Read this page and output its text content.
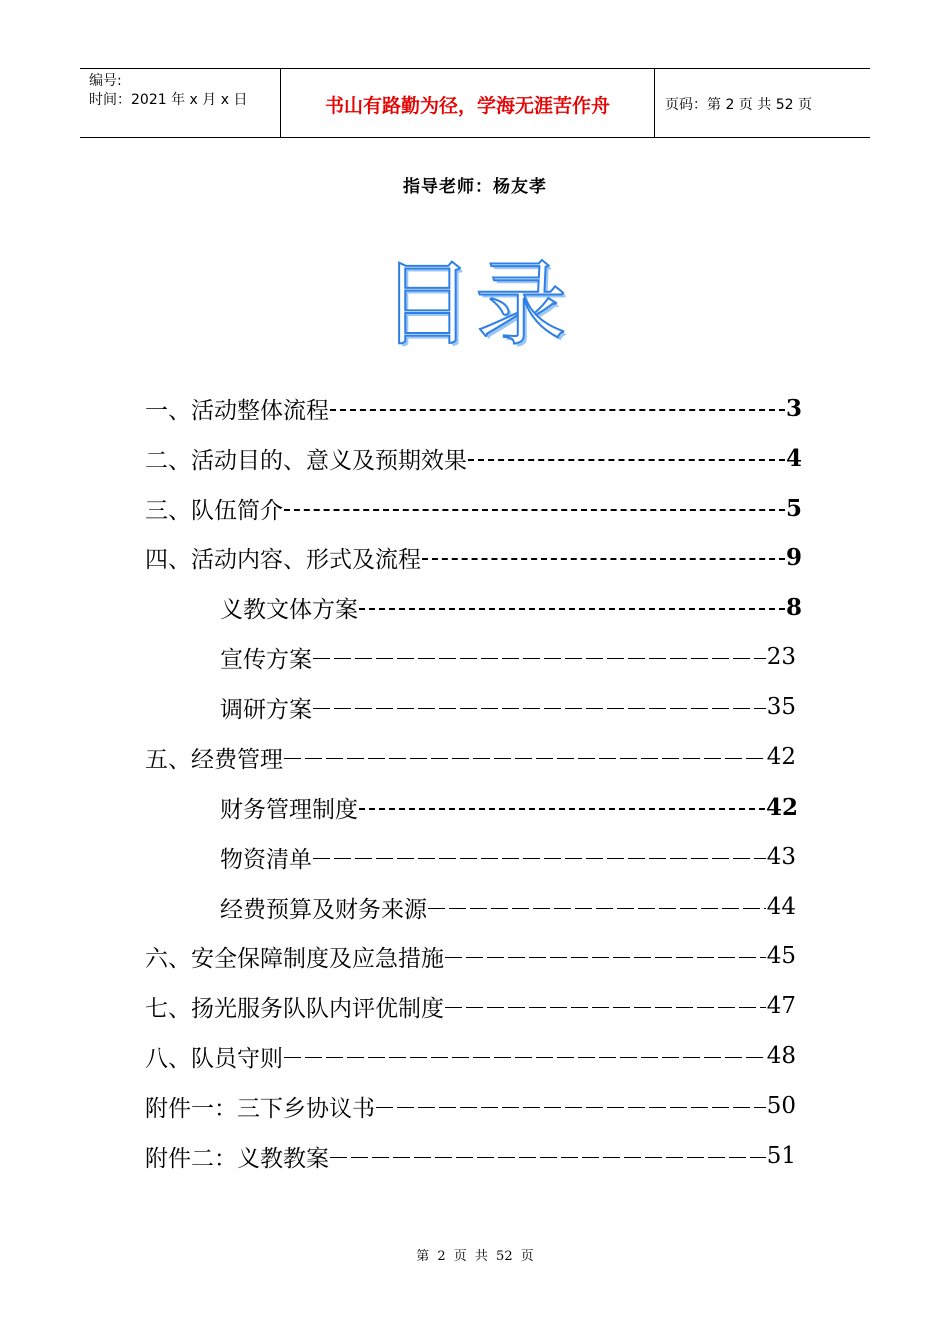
编号:
时间：2021 年 x 月 x 日	书山有路勤为径，学海无涯苦作舟	页码：第 2 页 共 52 页
指导老师：杨友孝
目录
一、活动整体流程	3
二、活动目的、意义及预期效果	4
三、队伍简介	5
四、活动内容、形式及流程	9
义教文体方案	8
宣传方案	23
调研方案	35
五、经费管理	42
财务管理制度	42
物资清单	43
经费预算及财务来源	44
六、安全保障制度及应急措施	45
七、扬光服务队队内评优制度	47
八、队员守则	48
附件一：三下乡协议书	50
附件二：义教教案	51
第 2 页 共 52 页
